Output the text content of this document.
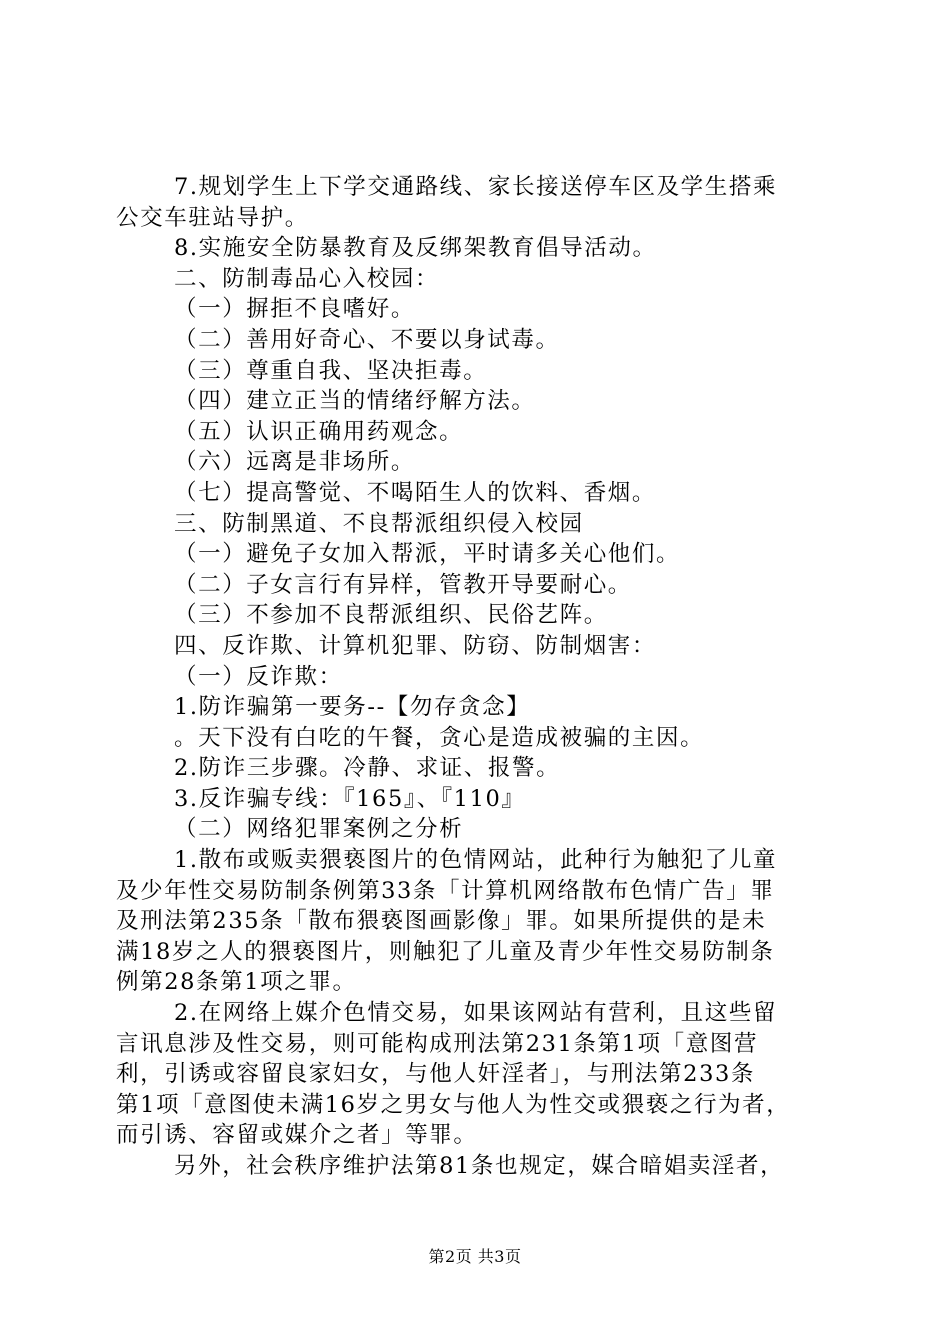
7.规划学生上下学交通路线、家长接送停车区及学生搭乘
公交车驻站导护。
8.实施安全防暴教育及反绑架教育倡导活动。
二、防制毒品心入校园：
（一）摒拒不良嗜好。
（二）善用好奇心、不要以身试毒。
（三）尊重自我、坚决拒毒。
（四）建立正当的情绪纾解方法。
（五）认识正确用药观念。
（六）远离是非场所。
（七）提高警觉、不喝陌生人的饮料、香烟。
三、防制黑道、不良帮派组织侵入校园
（一）避免子女加入帮派，平时请多关心他们。
（二）子女言行有异样，管教开导要耐心。
（三）不参加不良帮派组织、民俗艺阵。
四、反诈欺、计算机犯罪、防窃、防制烟害：
（一）反诈欺：
1.防诈骗第一要务--【勿存贪念】
。天下没有白吃的午餐，贪心是造成被骗的主因。
2.防诈三步骤。冷静、求证、报警。
3.反诈骗专线：『165』、『110』
（二）网络犯罪案例之分析
1.散布或贩卖猥亵图片的色情网站，此种行为触犯了儿童
及少年性交易防制条例第33条「计算机网络散布色情广告」罪
及刑法第235条「散布猥亵图画影像」罪。如果所提供的是未
满18岁之人的猥亵图片，则触犯了儿童及青少年性交易防制条
例第28条第1项之罪。
2.在网络上媒介色情交易，如果该网站有营利，且这些留
言讯息涉及性交易，则可能构成刑法第231条第1项「意图营
利，引诱或容留良家妇女，与他人奸淫者」，与刑法第233条
第1项「意图使未满16岁之男女与他人为性交或猥亵之行为者，
而引诱、容留或媒介之者」等罪。
另外，社会秩序维护法第81条也规定，媒合暗娼卖淫者，
第2页 共3页
